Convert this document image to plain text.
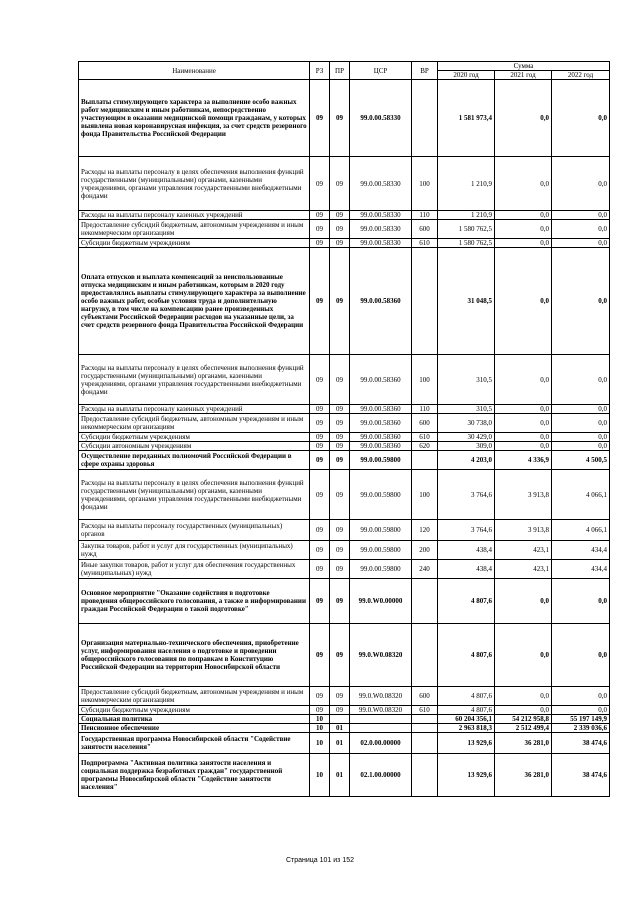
Наименование	РЗ	ПР	ЦСР	ВР	Сумма		
					2020 год	2021 год	2022 год
Выплаты стимулирующего характера за выполнение особо важных работ медицинским и иным работникам, непосредственно участвующим в оказании медицинской помощи гражданам, у которых выявлена новая коронавирусная инфекция, за счет средств резервного фонда Правительства Российской Федерации	09	09	99.0.00.58330		1 581 973,4	0,0	0,0
Расходы на выплаты персоналу в целях обеспечения выполнения функций государственными (муниципальными) органами, казенными учреждениями, органами управления государственными внебюджетными фондами	09	09	99.0.00.58330	100	1 210,9	0,0	0,0
Расходы на выплаты персоналу казенных учреждений	09	09	99.0.00.58330	110	1 210,9	0,0	0,0
Предоставление субсидий бюджетным, автономным учреждениям и иным некоммерческим организациям	09	09	99.0.00.58330	600	1 580 762,5	0,0	0,0
Субсидии бюджетным учреждениям	09	09	99.0.00.58330	610	1 580 762,5	0,0	0,0
Оплата отпусков и выплата компенсаций за неиспользованные отпуска медицинским и иным работникам, которым в 2020 году предоставлялись выплаты стимулирующего характера за выполнение особо важных работ, особые условия труда и дополнительную нагрузку, в том числе на компенсацию ранее произведенных субъектами Российской Федерации расходов на указанные цели, за счет средств резервного фонда Правительства Российской Федерации	09	09	99.0.00.58360		31 048,5	0,0	0,0
Расходы на выплаты персоналу в целях обеспечения выполнения функций государственными (муниципальными) органами, казенными учреждениями, органами управления государственными внебюджетными фондами	09	09	99.0.00.58360	100	310,5	0,0	0,0
Расходы на выплаты персоналу казенных учреждений	09	09	99.0.00.58360	110	310,5	0,0	0,0
Предоставление субсидий бюджетным, автономным учреждениям и иным некоммерческим организациям	09	09	99.0.00.58360	600	30 738,0	0,0	0,0
Субсидии бюджетным учреждениям	09	09	99.0.00.58360	610	30 429,0	0,0	0,0
Субсидии автономным учреждениям	09	09	99.0.00.58360	620	309,0	0,0	0,0
Осуществление переданных полномочий Российской Федерации в сфере охраны здоровья	09	09	99.0.00.59800		4 203,0	4 336,9	4 500,5
Расходы на выплаты персоналу в целях обеспечения выполнения функций государственными (муниципальными) органами, казенными учреждениями, органами управления государственными внебюджетными фондами	09	09	99.0.00.59800	100	3 764,6	3 913,8	4 066,1
Расходы на выплаты персоналу государственных (муниципальных) органов	09	09	99.0.00.59800	120	3 764,6	3 913,8	4 066,1
Закупка товаров, работ и услуг для государственных (муниципальных) нужд	09	09	99.0.00.59800	200	438,4	423,1	434,4
Иные закупки товаров, работ и услуг для обеспечения государственных (муниципальных) нужд	09	09	99.0.00.59800	240	438,4	423,1	434,4
Основное мероприятие "Оказание содействия в подготовке проведения общероссийского голосования, а также в информировании граждан Российской Федерации о такой подготовке"	09	09	99.0.W0.00000		4 807,6	0,0	0,0
Организация материально-технического обеспечения, приобретение услуг, информирования населения о подготовке и проведении общероссийского голосования по поправкам в Конституцию Российской Федерации на территории Новосибирской области	09	09	99.0.W0.08320		4 807,6	0,0	0,0
Предоставление субсидий бюджетным, автономным учреждениям и иным некоммерческим организациям	09	09	99.0.W0.08320	600	4 807,6	0,0	0,0
Субсидии бюджетным учреждениям	09	09	99.0.W0.08320	610	4 807,6	0,0	0,0
Социальная политика	10				60 204 356,1	54 212 958,8	55 197 149,9
Пенсионное обеспечение	10	01			2 963 818,3	2 512 499,4	2 339 036,6
Государственная программа Новосибирской области "Содействие занятости населения"	10	01	02.0.00.00000		13 929,6	36 281,0	38 474,6
Подпрограмма "Активная политика занятости населения и социальная поддержка безработных граждан" государственной программы Новосибирской области "Содействие занятости населения"	10	01	02.1.00.00000		13 929,6	36 281,0	38 474,6
Страница 101 из 152
